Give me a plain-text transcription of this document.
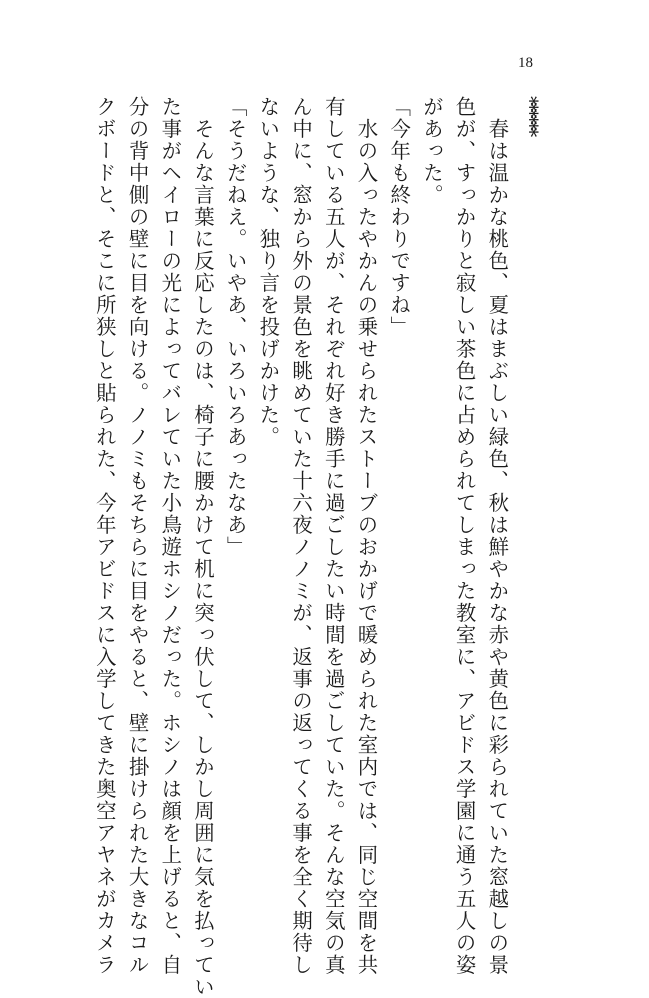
18

******

　春は温かな桃色、夏はまぶしい緑色、秋は鮮やかな赤や黄色に彩られていた窓越しの景

色が、すっかりと寂しい茶色に占められてしまった教室に、アビドス学園に通う五人の姿

があった。

「今年も終わりですね」

　水の入ったやかんの乗せられたストーブのおかげで暖められた室内では、同じ空間を共

有している五人が、それぞれ好き勝手に過ごしたい時間を過ごしていた。そんな空気の真

ん中に、窓から外の景色を眺めていた十六夜ノノミが、返事の返ってくる事を全く期待し

ないような、独り言を投げかけた。

「そうだねえ。いやあ、いろいろあったなあ」

　そんな言葉に反応したのは、椅子に腰かけて机に突っ伏して、しかし周囲に気を払ってい

た事がヘイローの光によってバレていた小鳥遊ホシノだった。ホシノは顔を上げると、自

分の背中側の壁に目を向ける。ノノミもそちらに目をやると、壁に掛けられた大きなコル

クボードと、そこに所狭しと貼られた、今年アビドスに入学してきた奥空アヤネがカメラ
